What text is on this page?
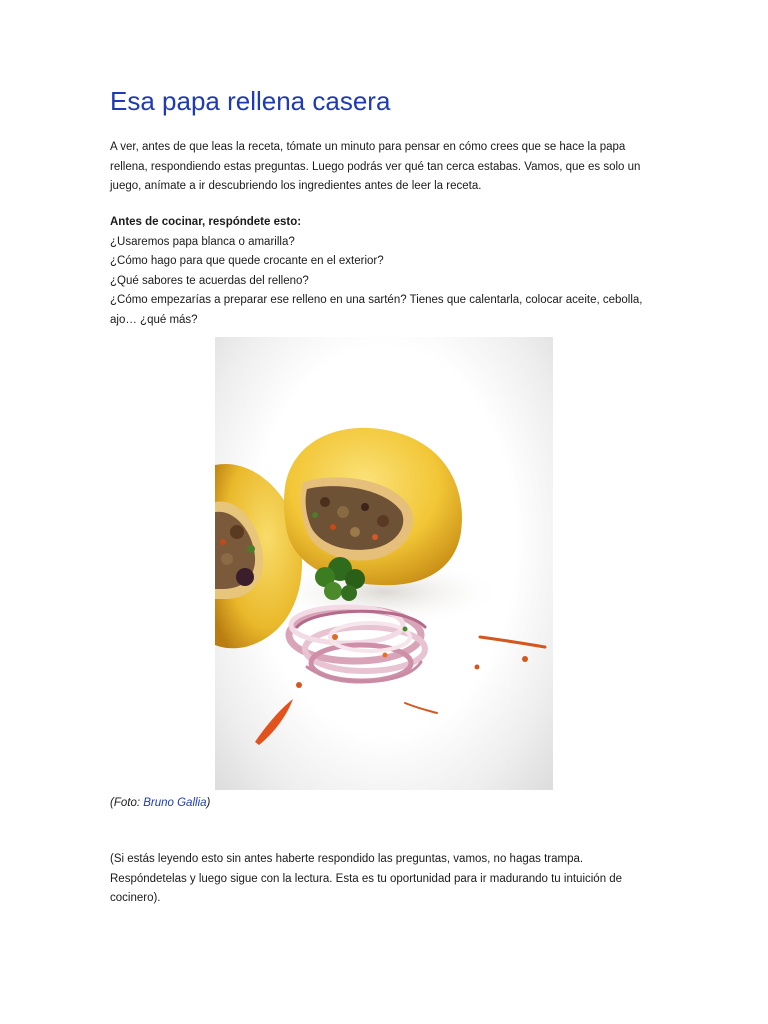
Esa papa rellena casera

A ver, antes de que leas la receta, tómate un minuto para pensar en cómo crees que se hace la papa rellena, respondiendo estas preguntas. Luego podrás ver qué tan cerca estabas. Vamos, que es solo un juego, anímate a ir descubriendo los ingredientes antes de leer la receta.

Antes de cocinar, respóndete esto:

¿Usaremos papa blanca o amarilla?

¿Cómo hago para que quede crocante en el exterior?

¿Qué sabores te acuerdas del relleno?

¿Cómo empezarías a preparar ese relleno en una sartén? Tienes que calentarla, colocar aceite, cebolla, ajo… ¿qué más?

(Foto: Bruno Gallia)

(Si estás leyendo esto sin antes haberte respondido las preguntas, vamos, no hagas trampa. Respóndetelas y luego sigue con la lectura. Esta es tu oportunidad para ir madurando tu intuición de cocinero).
